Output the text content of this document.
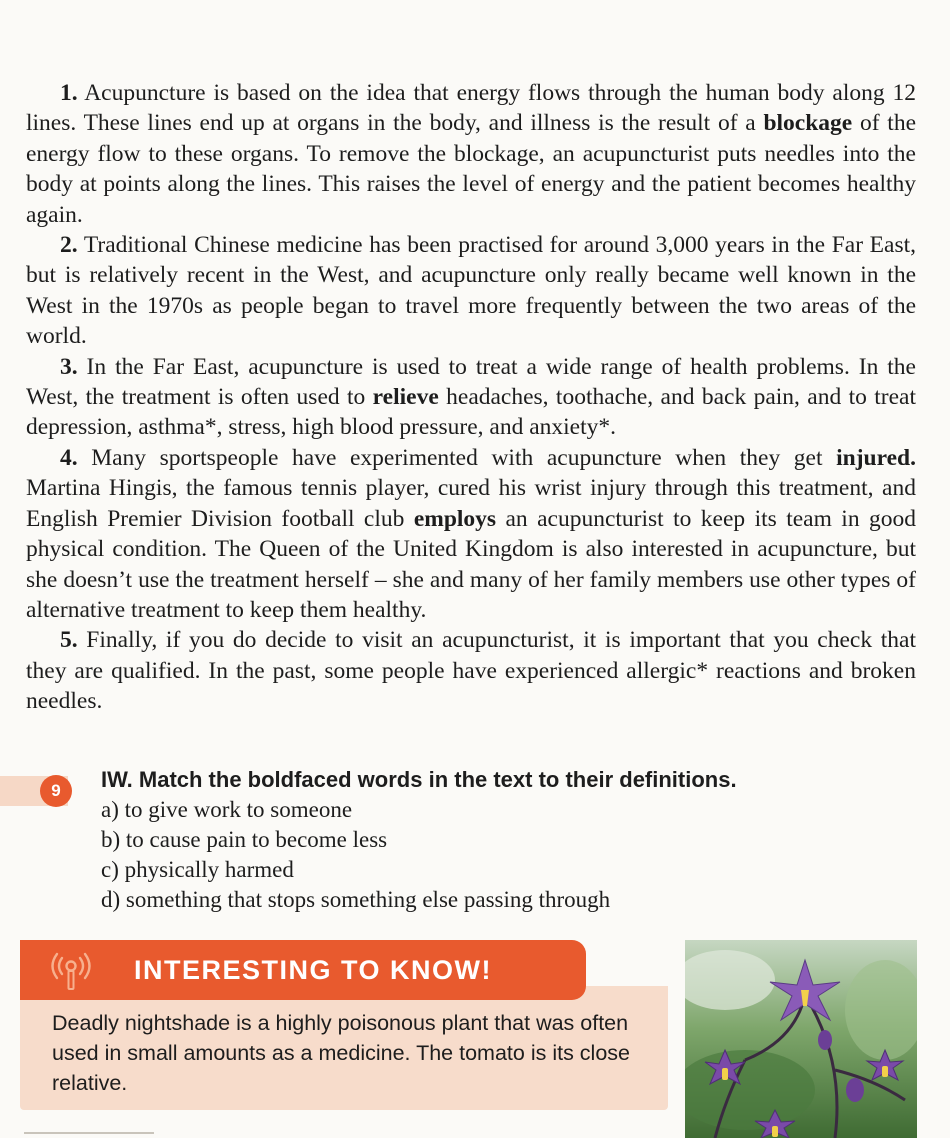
1. Acupuncture is based on the idea that energy flows through the human body along 12 lines. These lines end up at organs in the body, and illness is the result of a blockage of the energy flow to these organs. To remove the blockage, an acupuncturist puts needles into the body at points along the lines. This raises the level of energy and the patient becomes healthy again.

2. Traditional Chinese medicine has been practised for around 3,000 years in the Far East, but is relatively recent in the West, and acupuncture only really became well known in the West in the 1970s as people began to travel more frequently between the two areas of the world.

3. In the Far East, acupuncture is used to treat a wide range of health problems. In the West, the treatment is often used to relieve headaches, toothache, and back pain, and to treat depression, asthma*, stress, high blood pressure, and anxiety*.

4. Many sportspeople have experimented with acupuncture when they get injured. Martina Hingis, the famous tennis player, cured his wrist injury through this treatment, and English Premier Division football club employs an acupuncturist to keep its team in good physical condition. The Queen of the United Kingdom is also interested in acupuncture, but she doesn’t use the treatment herself – she and many of her family members use other types of alternative treatment to keep them healthy.

5. Finally, if you do decide to visit an acupuncturist, it is important that you check that they are qualified. In the past, some people have experienced allergic* reactions and broken needles.

9	IW. Match the boldfaced words in the text to their definitions.
a) to give work to someone
b) to cause pain to become less
c) physically harmed
d) something that stops something else passing through
INTERESTING TO KNOW!
Deadly nightshade is a highly poisonous plant that was often used in small amounts as a medicine. The tomato is its close relative.
